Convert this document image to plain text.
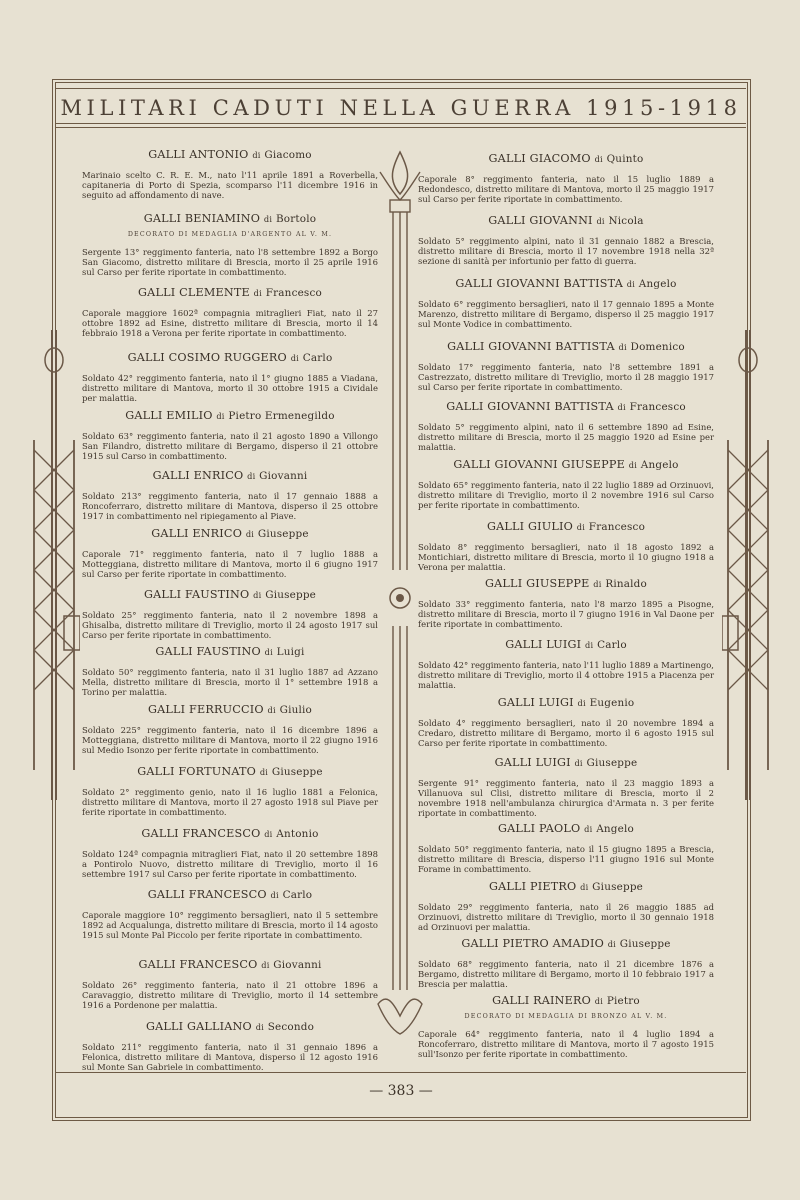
MILITARI CADUTI NELLA GUERRA 1915-1918
GALLI ANTONIO di Giacomo
Marinaio scelto C. R. E. M., nato l'11 aprile 1891 a Roverbella, capitaneria di Porto di Spezia, scomparso l'11 dicembre 1916 in seguito ad affondamento di nave.
GALLI BENIAMINO di Bortolo
DECORATO DI MEDAGLIA D'ARGENTO AL V. M.
Sergente 13° reggimento fanteria, nato l'8 settembre 1892 a Borgo San Giacomo, distretto militare di Brescia, morto il 25 aprile 1916 sul Carso per ferite riportate in combattimento.
GALLI CLEMENTE di Francesco
Caporale maggiore 1602ª compagnia mitraglieri Fiat, nato il 27 ottobre 1892 ad Esine, distretto militare di Brescia, morto il 14 febbraio 1918 a Verona per ferite riportate in combattimento.
GALLI COSIMO RUGGERO di Carlo
Soldato 42° reggimento fanteria, nato il 1° giugno 1885 a Viadana, distretto militare di Mantova, morto il 30 ottobre 1915 a Cividale per malattia.
GALLI EMILIO di Pietro Ermenegildo
Soldato 63° reggimento fanteria, nato il 21 agosto 1890 a Villongo San Filandro, distretto militare di Bergamo, disperso il 21 ottobre 1915 sul Carso in combattimento.
GALLI ENRICO di Giovanni
Soldato 213° reggimento fanteria, nato il 17 gennaio 1888 a Roncoferraro, distretto militare di Mantova, disperso il 25 ottobre 1917 in combattimento nel ripiegamento al Piave.
GALLI ENRICO di Giuseppe
Caporale 71° reggimento fanteria, nato il 7 luglio 1888 a Motteggiana, distretto militare di Mantova, morto il 6 giugno 1917 sul Carso per ferite riportate in combattimento.
GALLI FAUSTINO di Giuseppe
Soldato 25° reggimento fanteria, nato il 2 novembre 1898 a Ghisalba, distretto militare di Treviglio, morto il 24 agosto 1917 sul Carso per ferite riportate in combattimento.
GALLI FAUSTINO di Luigi
Soldato 50° reggimento fanteria, nato il 31 luglio 1887 ad Azzano Mella, distretto militare di Brescia, morto il 1° settembre 1918 a Torino per malattia.
GALLI FERRUCCIO di Giulio
Soldato 225° reggimento fanteria, nato il 16 dicembre 1896 a Motteggiana, distretto militare di Mantova, morto il 22 giugno 1916 sul Medio Isonzo per ferite riportate in combattimento.
GALLI FORTUNATO di Giuseppe
Soldato 2° reggimento genio, nato il 16 luglio 1881 a Felonica, distretto militare di Mantova, morto il 27 agosto 1918 sul Piave per ferite riportate in combattimento.
GALLI FRANCESCO di Antonio
Soldato 124ª compagnia mitraglieri Fiat, nato il 20 settembre 1898 a Pontirolo Nuovo, distretto militare di Treviglio, morto il 16 settembre 1917 sul Carso per ferite riportate in combattimento.
GALLI FRANCESCO di Carlo
Caporale maggiore 10° reggimento bersaglieri, nato il 5 settembre 1892 ad Acqualunga, distretto militare di Brescia, morto il 14 agosto 1915 sul Monte Pal Piccolo per ferite riportate in combattimento.
GALLI FRANCESCO di Giovanni
Soldato 26° reggimento fanteria, nato il 21 ottobre 1896 a Caravaggio, distretto militare di Treviglio, morto il 14 settembre 1916 a Pordenone per malattia.
GALLI GALLIANO di Secondo
Soldato 211° reggimento fanteria, nato il 31 gennaio 1896 a Felonica, distretto militare di Mantova, disperso il 12 agosto 1916 sul Monte San Gabriele in combattimento.
GALLI GIACOMO di Quinto
Caporale 8° reggimento fanteria, nato il 15 luglio 1889 a Redondesco, distretto militare di Mantova, morto il 25 maggio 1917 sul Carso per ferite riportate in combattimento.
GALLI GIOVANNI di Nicola
Soldato 5° reggimento alpini, nato il 31 gennaio 1882 a Brescia, distretto militare di Brescia, morto il 17 novembre 1918 nella 32ª sezione di sanità per infortunio per fatto di guerra.
GALLI GIOVANNI BATTISTA di Angelo
Soldato 6° reggimento bersaglieri, nato il 17 gennaio 1895 a Monte Marenzo, distretto militare di Bergamo, disperso il 25 maggio 1917 sul Monte Vodice in combattimento.
GALLI GIOVANNI BATTISTA di Domenico
Soldato 17° reggimento fanteria, nato l'8 settembre 1891 a Castrezzato, distretto militare di Treviglio, morto il 28 maggio 1917 sul Carso per ferite riportate in combattimento.
GALLI GIOVANNI BATTISTA di Francesco
Soldato 5° reggimento alpini, nato il 6 settembre 1890 ad Esine, distretto militare di Brescia, morto il 25 maggio 1920 ad Esine per malattia.
GALLI GIOVANNI GIUSEPPE di Angelo
Soldato 65° reggimento fanteria, nato il 22 luglio 1889 ad Orzinuovi, distretto militare di Treviglio, morto il 2 novembre 1916 sul Carso per ferite riportate in combattimento.
GALLI GIULIO di Francesco
Soldato 8° reggimento bersaglieri, nato il 18 agosto 1892 a Montichiari, distretto militare di Brescia, morto il 10 giugno 1918 a Verona per malattia.
GALLI GIUSEPPE di Rinaldo
Soldato 33° reggimento fanteria, nato l'8 marzo 1895 a Pisogne, distretto militare di Brescia, morto il 7 giugno 1916 in Val Daone per ferite riportate in combattimento.
GALLI LUIGI di Carlo
Soldato 42° reggimento fanteria, nato l'11 luglio 1889 a Martinengo, distretto militare di Treviglio, morto il 4 ottobre 1915 a Piacenza per malattia.
GALLI LUIGI di Eugenio
Soldato 4° reggimento bersaglieri, nato il 20 novembre 1894 a Credaro, distretto militare di Bergamo, morto il 6 agosto 1915 sul Carso per ferite riportate in combattimento.
GALLI LUIGI di Giuseppe
Sergente 91° reggimento fanteria, nato il 23 maggio 1893 a Villanuova sul Clisi, distretto militare di Brescia, morto il 2 novembre 1918 nell'ambulanza chirurgica d'Armata n. 3 per ferite riportate in combattimento.
GALLI PAOLO di Angelo
Soldato 50° reggimento fanteria, nato il 15 giugno 1895 a Brescia, distretto militare di Brescia, disperso l'11 giugno 1916 sul Monte Forame in combattimento.
GALLI PIETRO di Giuseppe
Soldato 29° reggimento fanteria, nato il 26 maggio 1885 ad Orzinuovi, distretto militare di Treviglio, morto il 30 gennaio 1918 ad Orzinuovi per malattia.
GALLI PIETRO AMADIO di Giuseppe
Soldato 68° reggimento fanteria, nato il 21 dicembre 1876 a Bergamo, distretto militare di Bergamo, morto il 10 febbraio 1917 a Brescia per malattia.
GALLI RAINERO di Pietro
DECORATO DI MEDAGLIA DI BRONZO AL V. M.
Caporale 64° reggimento fanteria, nato il 4 luglio 1894 a Roncoferraro, distretto militare di Mantova, morto il 7 agosto 1915 sull'Isonzo per ferite riportate in combattimento.
— 383 —
